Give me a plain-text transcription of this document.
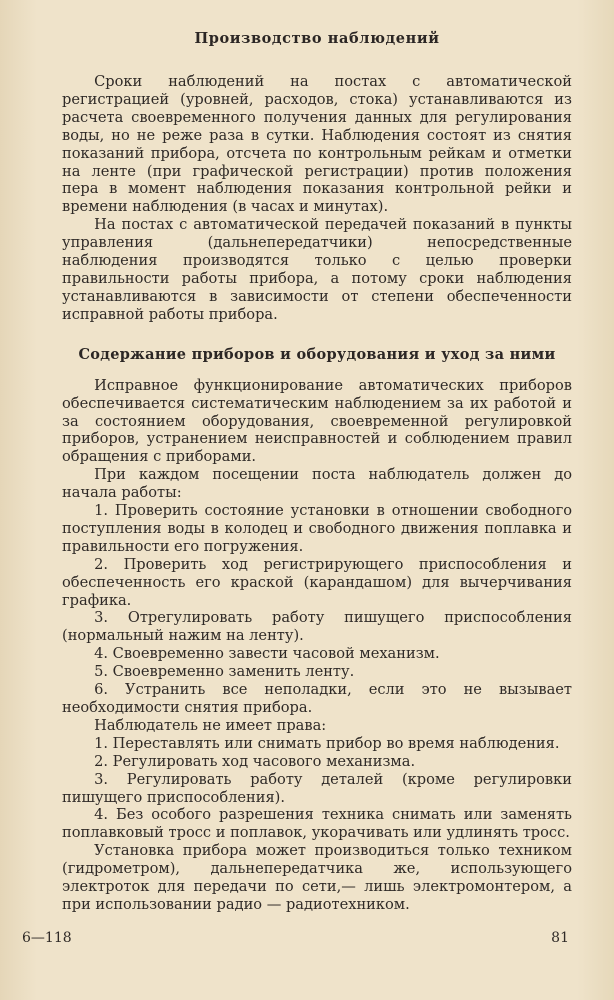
Производство наблюдений

Сроки наблюдений на постах с автоматической регистрацией (уровней, расходов, стока) устанавливаются из расчета своевременного получения данных для регулирования воды, но не реже раза в сутки. Наблюдения состоят из снятия показаний прибора, отсчета по контрольным рейкам и отметки на ленте (при графической регистрации) против положения пера в момент наблюдения показания контрольной рейки и времени наблюдения (в часах и минутах).

На постах с автоматической передачей показаний в пункты управления (дальнепередатчики) непосредственные наблюдения производятся только с целью проверки правильности работы прибора, а потому сроки наблюдения устанавливаются в зависимости от степени обеспеченности исправной работы прибора.

Содержание приборов и оборудования и уход за ними

Исправное функционирование автоматических приборов обеспечивается систематическим наблюдением за их работой и за состоянием оборудования, своевременной регулировкой приборов, устранением неисправностей и соблюдением правил обращения с приборами.

При каждом посещении поста наблюдатель должен до начала работы:

1. Проверить состояние установки в отношении свободного поступления воды в колодец и свободного движения поплавка и правильности его погружения.

2. Проверить ход регистрирующего приспособления и обеспеченность его краской (карандашом) для вычерчивания графика.

3. Отрегулировать работу пишущего приспособления (нормальный нажим на ленту).

4. Своевременно завести часовой механизм.

5. Своевременно заменить ленту.

6. Устранить все неполадки, если это не вызывает необходимости снятия прибора.

Наблюдатель не имеет права:

1. Переставлять или снимать прибор во время наблюдения.

2. Регулировать ход часового механизма.

3. Регулировать работу деталей (кроме регулировки пишущего приспособления).

4. Без особого разрешения техника снимать или заменять поплавковый тросс и поплавок, укорачивать или удлинять тросс.

Установка прибора может производиться только техником (гидрометром), дальнепередатчика же, использующего электроток для передачи по сети,— лишь электромонтером, а при использовании радио — радиотехником.

6—118	81
